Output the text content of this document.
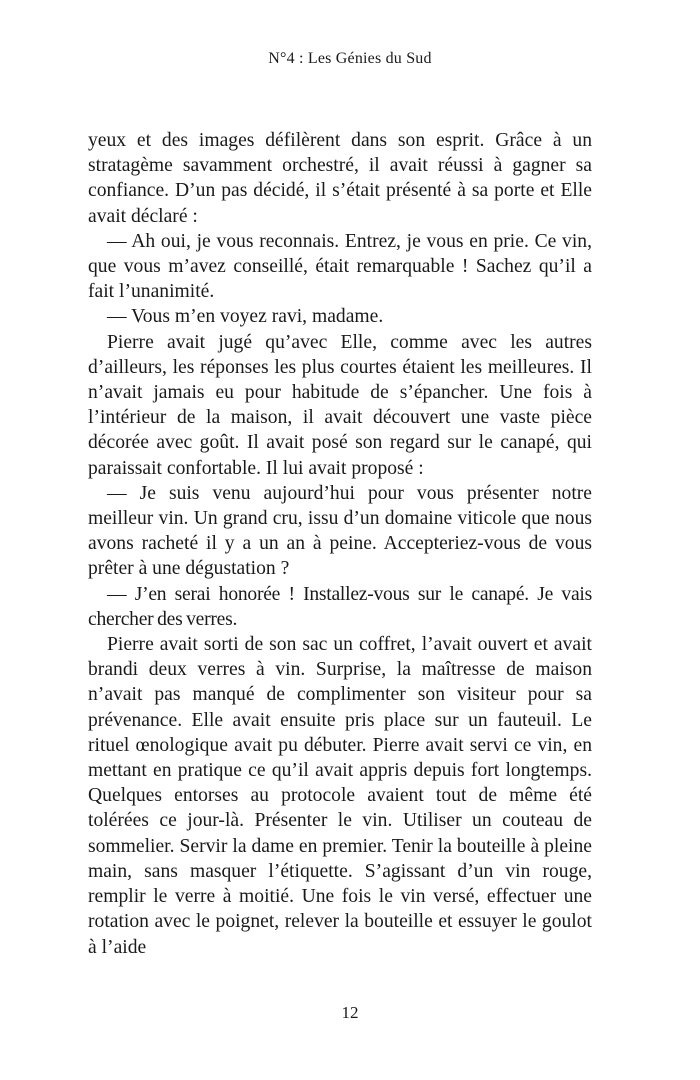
N°4 : Les Génies du Sud

yeux et des images défilèrent dans son esprit. Grâce à un stratagème savamment orchestré, il avait réussi à gagner sa confiance. D’un pas décidé, il s’était présenté à sa porte et Elle avait déclaré :

— Ah oui, je vous reconnais. Entrez, je vous en prie. Ce vin, que vous m’avez conseillé, était remarquable ! Sachez qu’il a fait l’unanimité.

— Vous m’en voyez ravi, madame.

Pierre avait jugé qu’avec Elle, comme avec les autres d’ailleurs, les réponses les plus courtes étaient les meilleures. Il n’avait jamais eu pour habitude de s’épancher. Une fois à l’intérieur de la maison, il avait découvert une vaste pièce décorée avec goût. Il avait posé son regard sur le canapé, qui paraissait confortable. Il lui avait proposé :

— Je suis venu aujourd’hui pour vous présenter notre meilleur vin. Un grand cru, issu d’un domaine viticole que nous avons racheté il y a un an à peine. Accepteriez-vous de vous prêter à une dégustation ?

— J’en serai honorée ! Installez-vous sur le canapé. Je vais chercher des verres.

Pierre avait sorti de son sac un coffret, l’avait ouvert et avait brandi deux verres à vin. Surprise, la maîtresse de maison n’avait pas manqué de complimenter son visiteur pour sa prévenance. Elle avait ensuite pris place sur un fauteuil. Le rituel œnologique avait pu débuter. Pierre avait servi ce vin, en mettant en pratique ce qu’il avait appris depuis fort longtemps. Quelques entorses au protocole avaient tout de même été tolérées ce jour-là. Présenter le vin. Utiliser un couteau de sommelier. Servir la dame en premier. Tenir la bouteille à pleine main, sans masquer l’étiquette. S’agissant d’un vin rouge, remplir le verre à moitié. Une fois le vin versé, effectuer une rotation avec le poignet, relever la bouteille et essuyer le goulot à l’aide

12
